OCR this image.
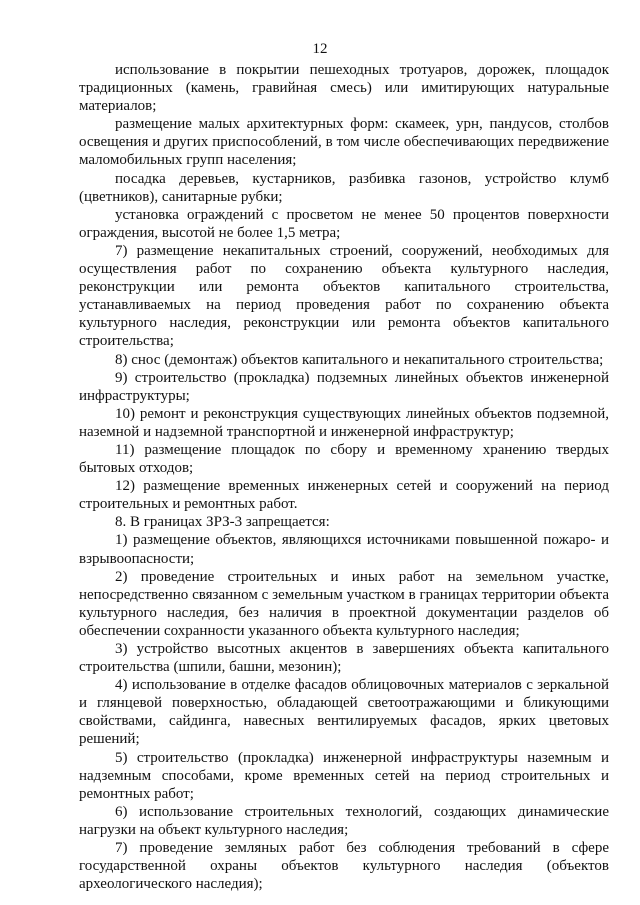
12

использование в покрытии пешеходных тротуаров, дорожек, площадок традиционных (камень, гравийная смесь) или имитирующих натуральные материалов;

размещение малых архитектурных форм: скамеек, урн, пандусов, столбов освещения и других приспособлений, в том числе обеспечивающих передвижение маломобильных групп населения;

посадка деревьев, кустарников, разбивка газонов, устройство клумб (цветников), санитарные рубки;

установка ограждений с просветом не менее 50 процентов поверхности ограждения, высотой не более 1,5 метра;

7) размещение некапитальных строений, сооружений, необходимых для осуществления работ по сохранению объекта культурного наследия, реконструкции или ремонта объектов капитального строительства, устанавливаемых на период проведения работ по сохранению объекта культурного наследия, реконструкции или ремонта объектов капитального строительства;

8) снос (демонтаж) объектов капитального и некапитального строительства;

9) строительство (прокладка) подземных линейных объектов инженерной инфраструктуры;

10) ремонт и реконструкция существующих линейных объектов подземной, наземной и надземной транспортной и инженерной инфраструктур;

11) размещение площадок по сбору и временному хранению твердых бытовых отходов;

12) размещение временных инженерных сетей и сооружений на период строительных и ремонтных работ.

8. В границах ЗРЗ-3 запрещается:

1) размещение объектов, являющихся источниками повышенной пожаро- и взрывоопасности;

2) проведение строительных и иных работ на земельном участке, непосредственно связанном с земельным участком в границах территории объекта культурного наследия, без наличия в проектной документации разделов об обеспечении сохранности указанного объекта культурного наследия;

3) устройство высотных акцентов в завершениях объекта капитального строительства (шпили, башни, мезонин);

4) использование в отделке фасадов облицовочных материалов с зеркальной и глянцевой поверхностью, обладающей светоотражающими и бликующими свойствами, сайдинга, навесных вентилируемых фасадов, ярких цветовых решений;

5) строительство (прокладка) инженерной инфраструктуры наземным и надземным способами, кроме временных сетей на период строительных и ремонтных работ;

6) использование строительных технологий, создающих динамические нагрузки на объект культурного наследия;

7) проведение земляных работ без соблюдения требований в сфере государственной охраны объектов культурного наследия (объектов археологического наследия);
